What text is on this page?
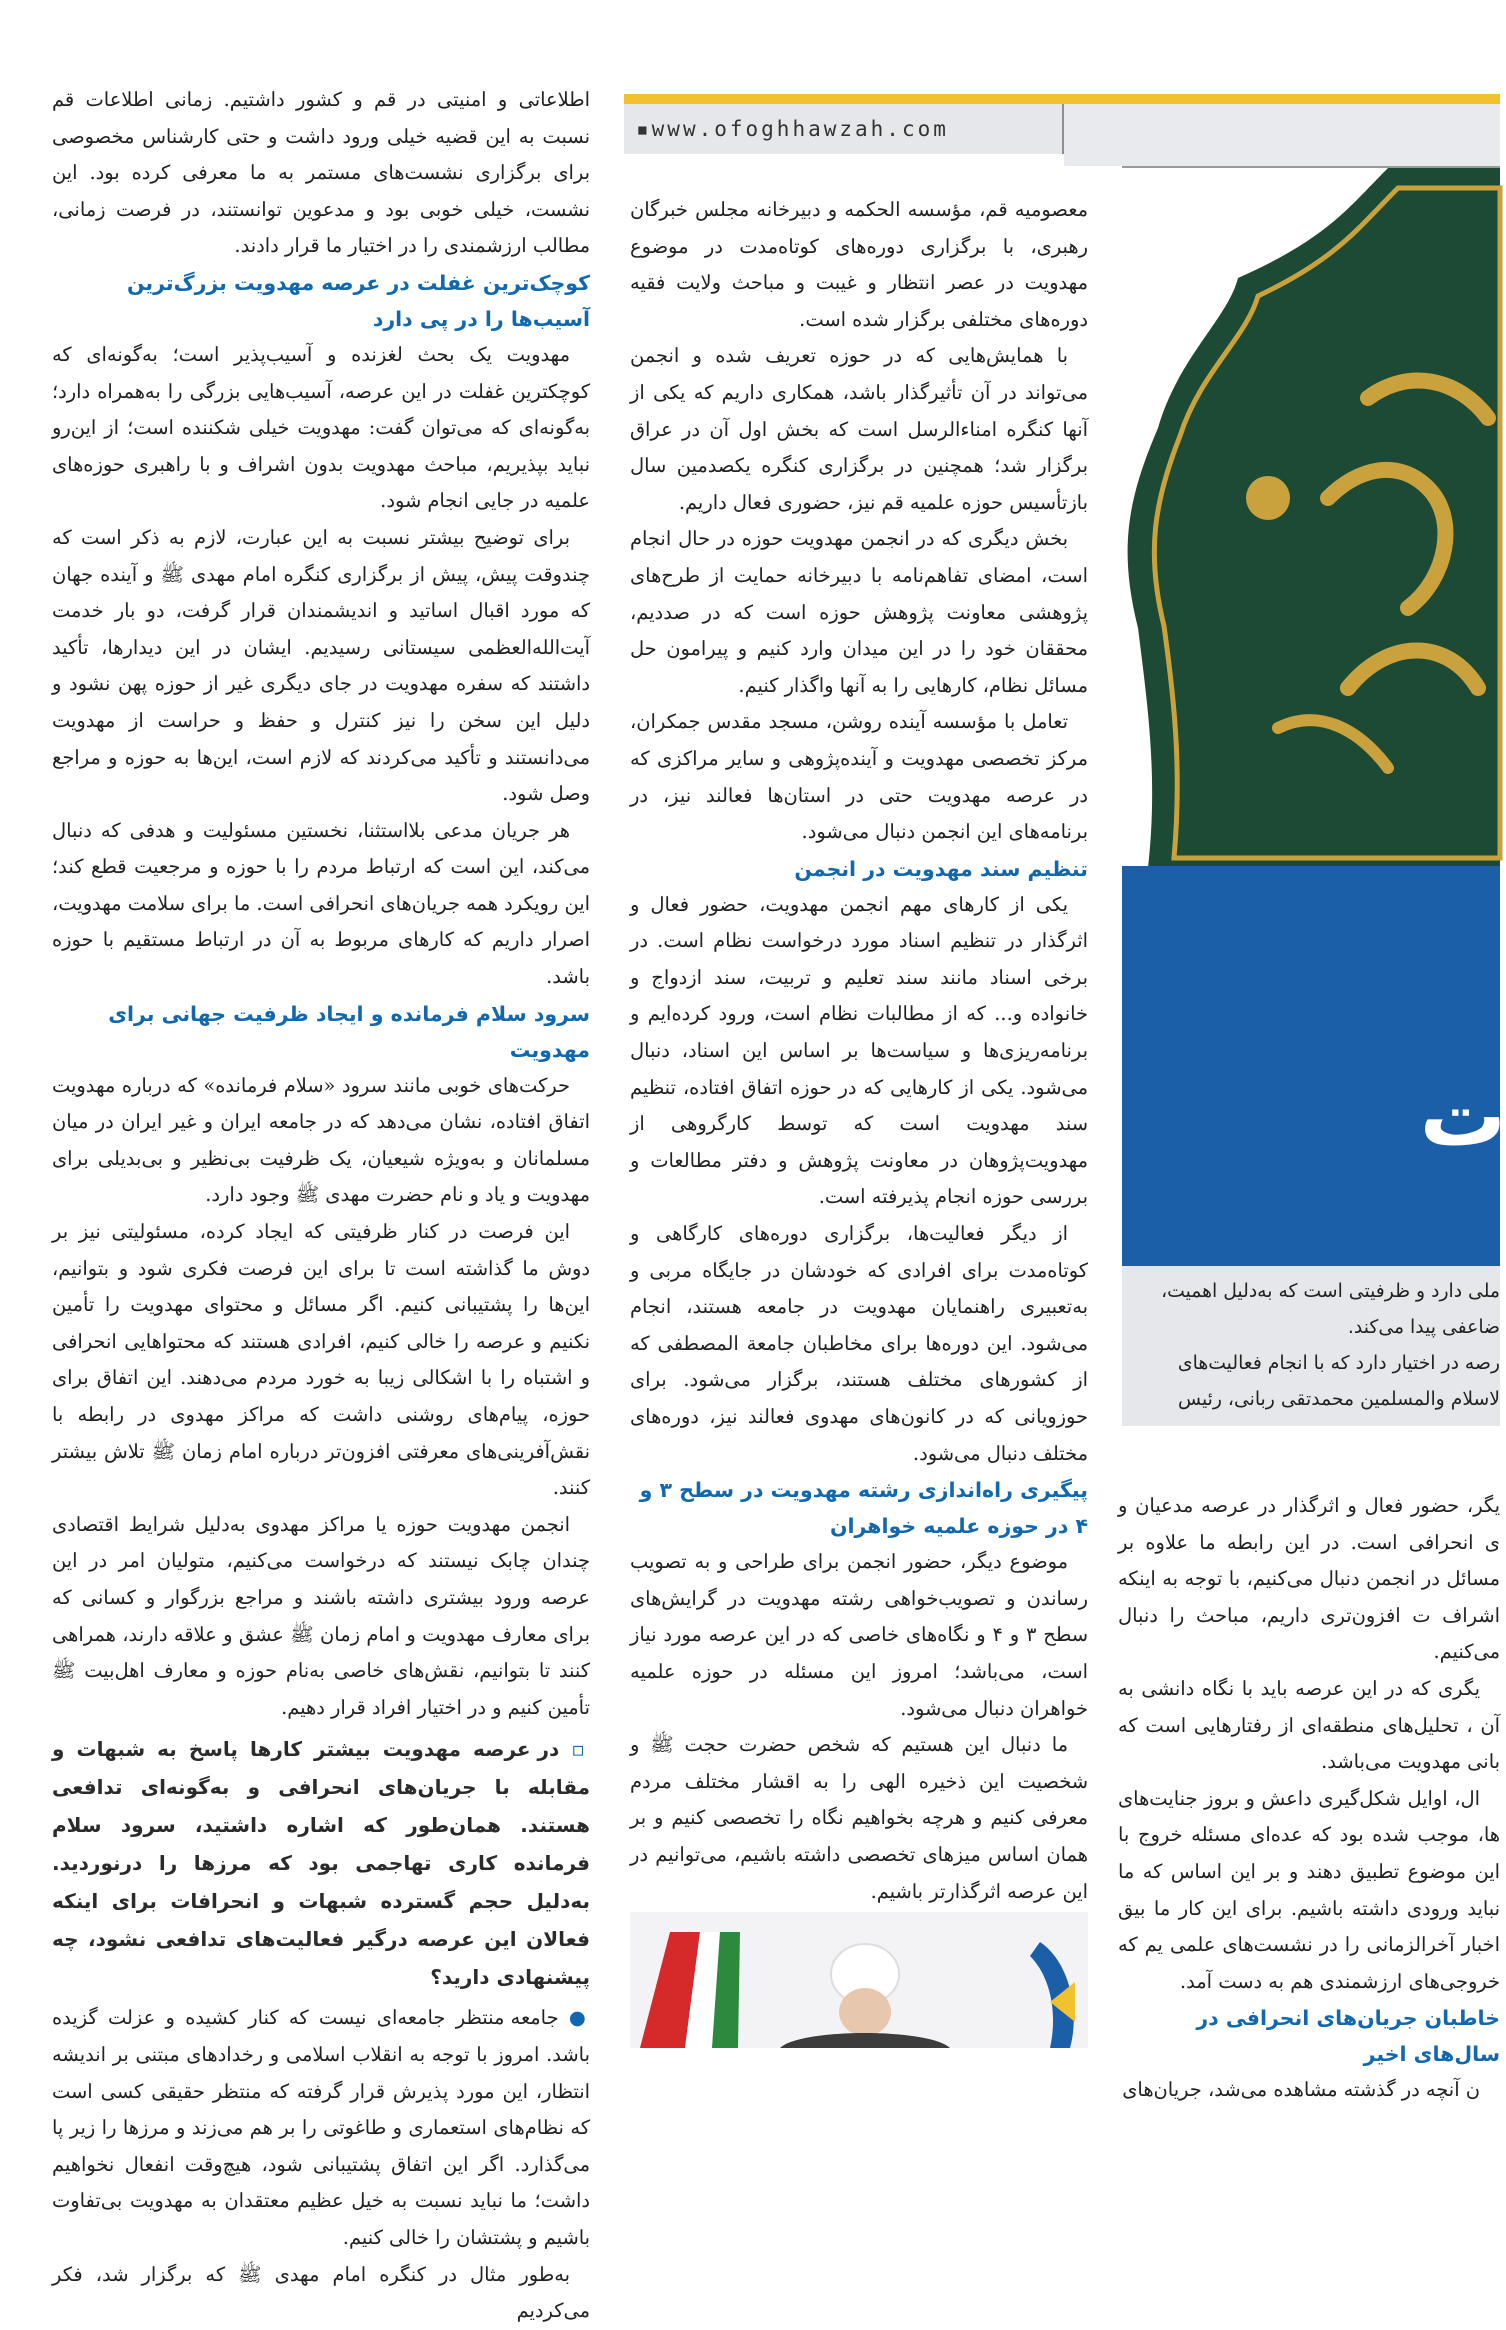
▪www.ofoghhawzah.com

اطلاعاتی و امنیتی در قم و کشور داشتیم. زمانی اطلاعات قم نسبت به این قضیه خیلی ورود داشت و حتی کارشناس مخصوصی برای برگزاری نشست‌های مستمر به ما معرفی کرده بود. این نشست، خیلی خوبی بود و مدعوین توانستند، در فرصت زمانی، مطالب ارزشمندی را در اختیار ما قرار دادند.

کوچک‌ترین غفلت در عرصه مهدویت بزرگ‌ترین آسیب‌ها را در پی دارد

مهدویت یک بحث لغزنده و آسیب‌پذیر است؛ به‌گونه‌ای که کوچکترین غفلت در این عرصه، آسیب‌هایی بزرگی را به‌همراه دارد؛ به‌گونه‌ای که می‌توان گفت: مهدویت خیلی شکننده است؛ از این‌رو نباید بپذیریم، مباحث مهدویت بدون اشراف و با راهبری حوزه‌های علمیه در جایی انجام شود.

برای توضیح بیشتر نسبت به این عبارت، لازم به ذکر است که چندوقت پیش، پیش از برگزاری کنگره امام مهدی ﷺ و آینده جهان که مورد اقبال اساتید و اندیشمندان قرار گرفت، دو بار خدمت آیت‌الله‌العظمی سیستانی رسیدیم. ایشان در این دیدارها، تأکید داشتند که سفره مهدویت در جای دیگری غیر از حوزه پهن نشود و دلیل این سخن را نیز کنترل و حفظ و حراست از مهدویت می‌دانستند و تأکید می‌کردند که لازم است، این‌ها به حوزه و مراجع وصل شود.

هر جریان مدعی بلااستثنا، نخستین مسئولیت و هدفی که دنبال می‌کند، این است که ارتباط مردم را با حوزه و مرجعیت قطع کند؛ این رویکرد همه جریان‌های انحرافی است. ما برای سلامت مهدویت، اصرار داریم که کارهای مربوط به آن در ارتباط مستقیم با حوزه باشد.

سرود سلام فرمانده و ایجاد ظرفیت جهانی برای مهدویت

حرکت‌های خوبی مانند سرود «سلام فرمانده» که درباره مهدویت اتفاق افتاده، نشان می‌دهد که در جامعه ایران و غیر ایران در میان مسلمانان و به‌ویژه شیعیان، یک ظرفیت بی‌نظیر و بی‌بدیلی برای مهدویت و یاد و نام حضرت مهدی ﷺ وجود دارد.

این فرصت در کنار ظرفیتی که ایجاد کرده، مسئولیتی نیز بر دوش ما گذاشته است تا برای این فرصت فکری شود و بتوانیم، این‌ها را پشتیبانی کنیم. اگر مسائل و محتوای مهدویت را تأمین نکنیم و عرصه را خالی کنیم، افرادی هستند که محتواهایی انحرافی و اشتباه را با اشکالی زیبا به خورد مردم می‌دهند. این اتفاق برای حوزه، پیام‌های روشنی داشت که مراکز مهدوی در رابطه با نقش‌آفرینی‌های معرفتی افزون‌تر درباره امام زمان ﷺ تلاش بیشتر کنند.

انجمن مهدویت حوزه یا مراکز مهدوی به‌دلیل شرایط اقتصادی چندان چابک نیستند که درخواست می‌کنیم، متولیان امر در این عرصه ورود بیشتری داشته باشند و مراجع بزرگوار و کسانی که برای معارف مهدویت و امام زمان ﷺ عشق و علاقه دارند، همراهی کنند تا بتوانیم، نقش‌های خاصی به‌نام حوزه و معارف اهل‌بیت ﷺ تأمین کنیم و در اختیار افراد قرار دهیم.

▫ در عرصه مهدویت بیشتر کارها پاسخ به شبهات و مقابله با جریان‌های انحرافی و به‌گونه‌ای تدافعی هستند. همان‌طور که اشاره داشتید، سرود سلام فرمانده کاری تهاجمی بود که مرزها را درنوردید. به‌دلیل حجم گسترده شبهات و انحرافات برای اینکه فعالان این عرصه درگیر فعالیت‌های تدافعی نشود، چه پیشنهادی دارید؟

● جامعه منتظر جامعه‌ای نیست که کنار کشیده و عزلت گزیده باشد. امروز با توجه به انقلاب اسلامی و رخدادهای مبتنی بر اندیشه انتظار، این مورد پذیرش قرار گرفته که منتظر حقیقی کسی است که نظام‌های استعماری و طاغوتی را بر هم می‌زند و مرزها را زیر پا می‌گذارد. اگر این اتفاق پشتیبانی شود، هیچ‌وقت انفعال نخواهیم داشت؛ ما نباید نسبت به خیل عظیم معتقدان به مهدویت بی‌تفاوت باشیم و پشتشان را خالی کنیم.

به‌طور مثال در کنگره امام مهدی ﷺ که برگزار شد، فکر می‌کردیم

معصومیه قم، مؤسسه الحکمه و دبیرخانه مجلس خبرگان رهبری، با برگزاری دوره‌های کوتاه‌مدت در موضوع مهدویت در عصر انتظار و غیبت و مباحث ولایت فقیه دوره‌های مختلفی برگزار شده است.

با همایش‌هایی که در حوزه تعریف شده و انجمن می‌تواند در آن تأثیرگذار باشد، همکاری داریم که یکی از آنها کنگره امناء‌الرسل است که بخش اول آن در عراق برگزار شد؛ همچنین در برگزاری کنگره یکصدمین سال بازتأسیس حوزه علمیه قم نیز، حضوری فعال داریم.

بخش دیگری که در انجمن مهدویت حوزه در حال انجام است، امضای تفاهم‌نامه با دبیرخانه حمایت از طرح‌های پژوهشی معاونت پژوهش حوزه است که در صددیم، محققان خود را در این میدان وارد کنیم و پیرامون حل مسائل نظام، کارهایی را به آنها واگذار کنیم.

تعامل با مؤسسه آینده روشن، مسجد مقدس جمکران، مرکز تخصصی مهدویت و آینده‌پژوهی و سایر مراکزی که در عرصه مهدویت حتی در استان‌ها فعالند نیز، در برنامه‌های این انجمن دنبال می‌شود.

تنظیم سند مهدویت در انجمن

یکی از کارهای مهم انجمن مهدویت، حضور فعال و اثرگذار در تنظیم اسناد مورد درخواست نظام است. در برخی اسناد مانند سند تعلیم و تربیت، سند ازدواج و خانواده و... که از مطالبات نظام است، ورود کرده‌ایم و برنامه‌ریزی‌ها و سیاست‌ها بر اساس این اسناد، دنبال می‌شود. یکی از کارهایی که در حوزه اتفاق افتاده، تنظیم سند مهدویت است که توسط کارگروهی از مهدویت‌پژوهان در معاونت پژوهش و دفتر مطالعات و بررسی حوزه انجام پذیرفته است.

از دیگر فعالیت‌ها، برگزاری دوره‌های کارگاهی و کوتاه‌مدت برای افرادی که خودشان در جایگاه مربی و به‌تعبیری راهنمایان مهدویت در جامعه هستند، انجام می‌شود. این دوره‌ها برای مخاطبان جامعة المصطفی که از کشورهای مختلف هستند، برگزار می‌شود. برای حوزویانی که در کانون‌های مهدوی فعالند نیز، دوره‌های مختلف دنبال می‌شود.

پیگیری راه‌اندازی رشته مهدویت در سطح ۳ و ۴ در حوزه علمیه خواهران

موضوع دیگر، حضور انجمن برای طراحی و به تصویب رساندن و تصویب‌خواهی رشته مهدویت در گرایش‌های سطح ۳ و ۴ و نگاه‌های خاصی که در این عرصه مورد نیاز است، می‌باشد؛ امروز این مسئله در حوزه علمیه خواهران دنبال می‌شود.

ما دنبال این هستیم که شخص حضرت حجت ﷺ و شخصیت این ذخیره الهی را به اقشار مختلف مردم معرفی کنیم و هرچه بخواهیم نگاه را تخصصی کنیم و بر همان اساس میزهای تخصصی داشته باشیم، می‌توانیم در این عرصه اثرگذارتر باشیم.

ت

ملی دارد و ظرفیتی است که به‌دلیل اهمیت،

ضاعفی پیدا می‌کند.

رصه در اختیار دارد که با انجام فعالیت‌های

لاسلام والمسلمین محمدتقی ربانی، رئیس

یگر، حضور فعال و اثرگذار در عرصه مدعیان و ی انحرافی است. در این رابطه ما علاوه بر مسائل در انجمن دنبال می‌کنیم، با توجه به اینکه اشراف ت افزون‌تری داریم، مباحث را دنبال می‌کنیم.

یگری که در این عرصه باید با نگاه دانشی به آن ، تحلیل‌های منطقه‌ای از رفتارهایی است که بانی مهدویت می‌باشد.

ال، اوایل شکل‌گیری داعش و بروز جنایت‌های ها، موجب شده بود که عده‌ای مسئله خروج با این موضوع تطبیق دهند و بر این اساس که ما نباید ورودی داشته باشیم. برای این کار ما بیق اخبار آخرالزمانی را در نشست‌های علمی یم که خروجی‌های ارزشمندی هم به دست آمد.

خاطبان جریان‌های انحرافی در سال‌های اخیر

ن آنچه در گذشته مشاهده می‌شد، جریان‌های
